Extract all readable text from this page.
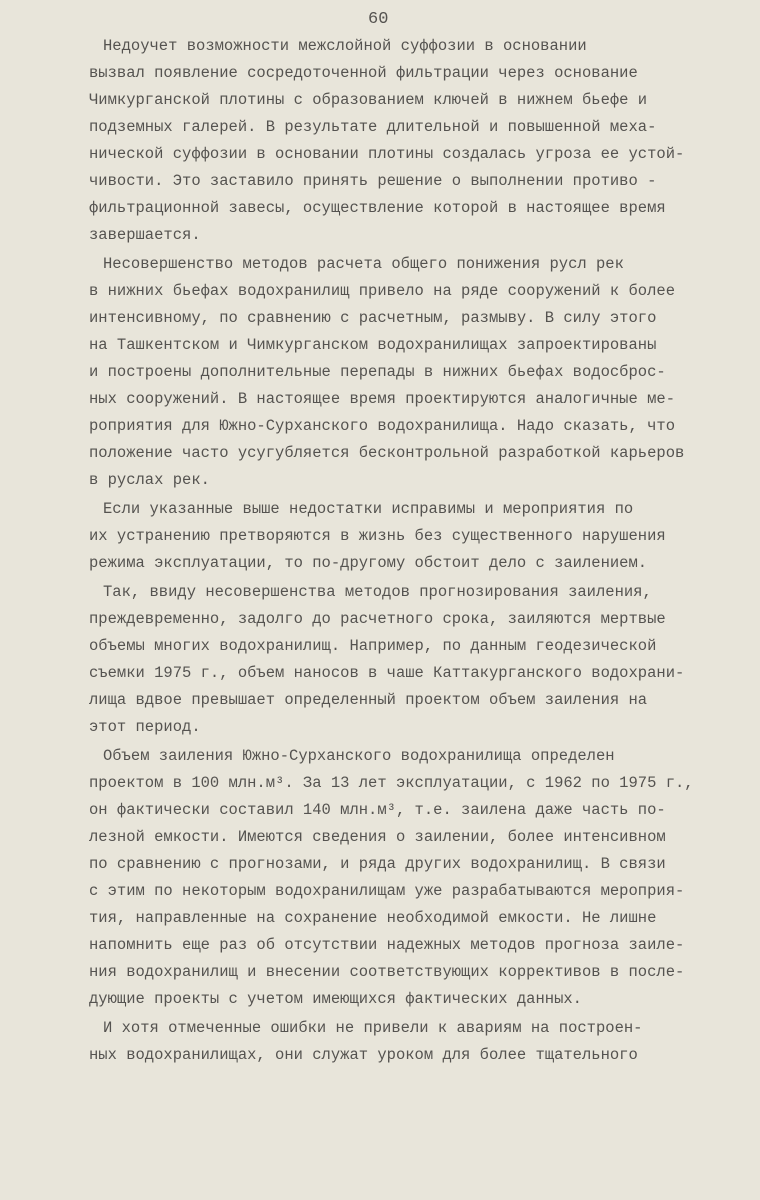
60
Недоучет возможности межслойной суффозии в основании
вызвал появление сосредоточенной фильтрации через основание
Чимкурганской плотины с образованием ключей в нижнем бьефе и
подземных галерей. В результате длительной и повышенной меха-
нической суффозии в основании плотины создалась угроза ее устой-
чивости. Это заставило принять решение о выполнении противо -
фильтрационной завесы, осуществление которой в настоящее время
завершается.
Несовершенство методов расчета общего понижения русл рек
в нижних бьефах водохранилищ привело на ряде сооружений к более
интенсивному, по сравнению с расчетным, размыву. В силу этого
на Ташкентском и Чимкурганском водохранилищах запроектированы
и построены дополнительные перепады в нижних бьефах водосброс-
ных сооружений. В настоящее время проектируются аналогичные ме-
роприятия для Южно-Сурханского водохранилища. Надо сказать, что
положение часто усугубляется бесконтрольной разработкой карьеров
в руслах рек.
Если указанные выше недостатки исправимы и мероприятия по
их устранению претворяются в жизнь без существенного нарушения
режима эксплуатации, то по-другому обстоит дело с заилением.
Так, ввиду несовершенства методов прогнозирования заиления,
преждевременно, задолго до расчетного срока, заиляются мертвые
объемы многих водохранилищ. Например, по данным геодезической
съемки 1975 г., объем наносов в чаше Каттакурганского водохрани-
лища вдвое превышает определенный проектом объем заиления на
этот период.
Объем заиления Южно-Сурханского водохранилища определен
проектом в 100 млн.м³. За 13 лет эксплуатации, с 1962 по 1975 г.,
он фактически составил 140 млн.м³, т.е. заилена даже часть по-
лезной емкости. Имеются сведения о заилении, более интенсивном
по сравнению с прогнозами, и ряда других водохранилищ. В связи
с этим по некоторым водохранилищам уже разрабатываются мероприя-
тия, направленные на сохранение необходимой емкости. Не лишне
напомнить еще раз об отсутствии надежных методов прогноза заиле-
ния водохранилищ и внесении соответствующих коррективов в после-
дующие проекты с учетом имеющихся фактических данных.
И хотя отмеченные ошибки не привели к авариям на построен-
ных водохранилищах, они служат уроком для более тщательного
